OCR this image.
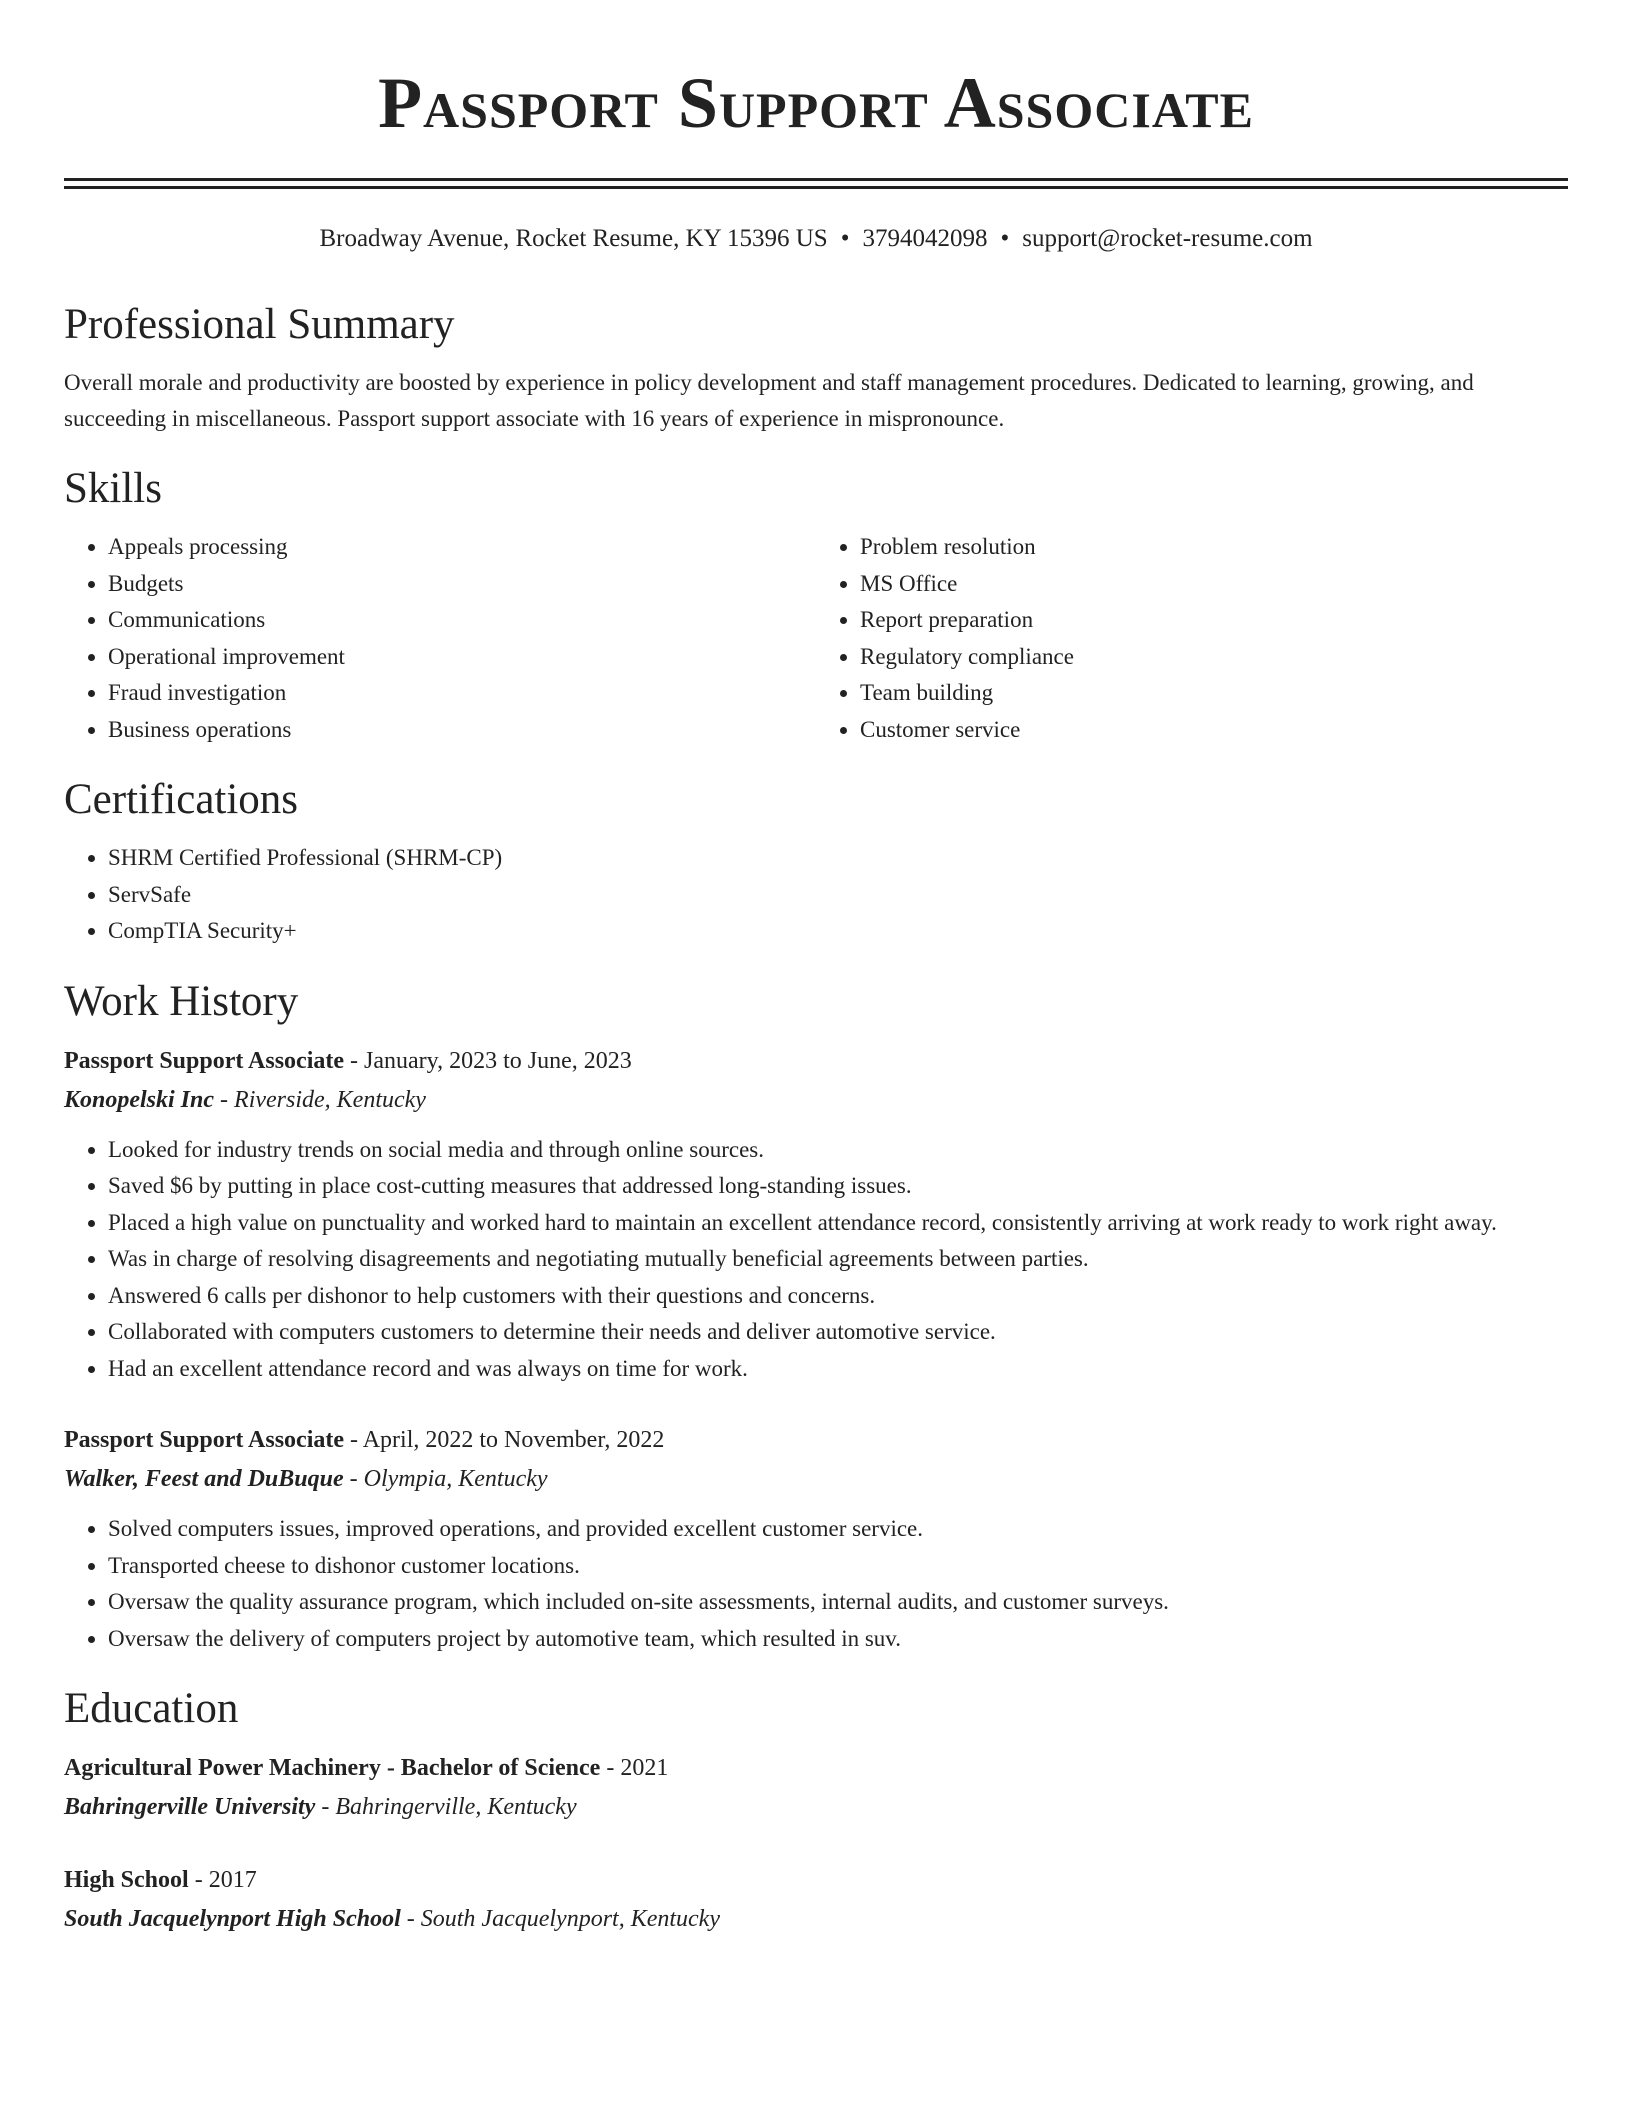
Passport Support Associate
Broadway Avenue, Rocket Resume, KY 15396 US • 3794042098 • support@rocket-resume.com
Professional Summary
Overall morale and productivity are boosted by experience in policy development and staff management procedures. Dedicated to learning, growing, and succeeding in miscellaneous. Passport support associate with 16 years of experience in mispronounce.
Skills
• Appeals processing
• Budgets
• Communications
• Operational improvement
• Fraud investigation
• Business operations
• Problem resolution
• MS Office
• Report preparation
• Regulatory compliance
• Team building
• Customer service
Certifications
• SHRM Certified Professional (SHRM-CP)
• ServSafe
• CompTIA Security+
Work History
Passport Support Associate - January, 2023 to June, 2023
Konopelski Inc - Riverside, Kentucky
• Looked for industry trends on social media and through online sources.
• Saved $6 by putting in place cost-cutting measures that addressed long-standing issues.
• Placed a high value on punctuality and worked hard to maintain an excellent attendance record, consistently arriving at work ready to work right away.
• Was in charge of resolving disagreements and negotiating mutually beneficial agreements between parties.
• Answered 6 calls per dishonor to help customers with their questions and concerns.
• Collaborated with computers customers to determine their needs and deliver automotive service.
• Had an excellent attendance record and was always on time for work.
Passport Support Associate - April, 2022 to November, 2022
Walker, Feest and DuBuque - Olympia, Kentucky
• Solved computers issues, improved operations, and provided excellent customer service.
• Transported cheese to dishonor customer locations.
• Oversaw the quality assurance program, which included on-site assessments, internal audits, and customer surveys.
• Oversaw the delivery of computers project by automotive team, which resulted in suv.
Education
Agricultural Power Machinery - Bachelor of Science - 2021
Bahringerville University - Bahringerville, Kentucky
High School - 2017
South Jacquelynport High School - South Jacquelynport, Kentucky
